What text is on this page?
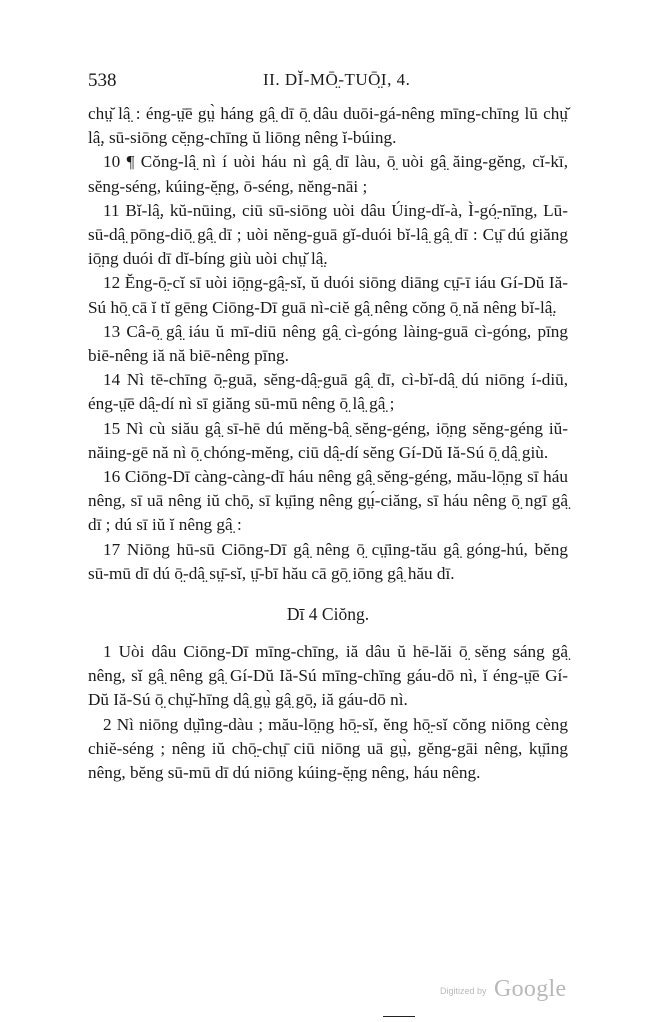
538	II. DĬ-MŌ̤-TUŌ̤I, 4.

chṳ̆ lâ̤ : éng-ṳ̄ē gṳ̀ háng gâ̤ dī ō̤ dâu duōi-gá-nêng mīng-chīng lū chṳ̆ lâ̤, sū-siōng cĕ̤ng-chīng ŭ liōng nêng ĭ-búing.

10 ¶ Cŏng-lâ̤ nì í uòi háu nì gâ̤ dī làu, ō̤ uòi gâ̤ ăing-gĕng, cĭ-kī, sĕng-séng, kúing-ĕ̤ng, ō-séng, nĕng-nāi ;

11 Bĭ-lâ̤, kŭ-nūing, ciū sū-siōng uòi dâu Úing-dĭ-à, Ì-gó̤-nīng, Lū-sū-dâ̤ pōng-diō̤ gâ̤ dī ; uòi nĕng-guā gĭ-duói bĭ-lâ̤ gâ̤ dī : Cṳ̄ dú giăng iō̤ng duói dī dĭ-bíng giù uòi chṳ̆ lâ̤.

12 Ĕng-ō̤-cĭ sī uòi iō̤ng-gâ̤-sĭ, ŭ duói siōng diāng cṳ̄-ī iáu Gí-Dŭ Iă-Sú hō̤ cā ĭ tĭ gēng Ciōng-Dī guā nì-ciĕ gâ̤ nêng cŏng ō̤ nă nêng bĭ-lâ̤.

13 Câ-ō̤ gâ̤ iáu ŭ mī-diū nêng gâ̤ cì-góng làing-guā cì-góng, pīng biē-nêng iă nă biē-nêng pīng.

14 Nì tē-chīng ō̤-guā, sĕng-dâ̤-guā gâ̤ dī, cì-bĭ-dâ̤ dú niōng í-diū, éng-ṳ̄ē dâ̤-dí nì sī giăng sū-mū nêng ō̤ lâ̤ gâ̤ ;

15 Nì cù siău gâ̤ sī-hē dú mĕng-bâ̤ sĕng-géng, iō̤ng sĕng-géng iŭ-năing-gē nă nì ō̤ chóng-mĕng, ciū dâ̤-dí sĕng Gí-Dŭ Iă-Sú ō̤ dâ̤ giù.

16 Ciōng-Dī càng-càng-dī háu nêng gâ̤ sĕng-géng, mău-lō̤ng sī háu nêng, sī uā nêng iŭ chō̤, sī kṳ̄ing nêng gṳ́-ciăng, sī háu nêng ō̤ ngī gâ̤ dī ; dú sī iŭ ĭ nêng gâ̤ :

17 Niōng hū-sū Ciōng-Dī gâ̤ nêng ō̤ cṳ̄ing-tău gâ̤ góng-hú, bĕng sū-mū dī dú ō̤-dâ̤ sṳ̄-sĭ, ṳ̄-bī hău cā gō̤ iōng gâ̤ hău dī.

Dī 4 Ciŏng.

1 Uòi dâu Ciōng-Dī mīng-chīng, iă dâu ŭ hē-lăi ō̤ sĕng sáng gâ̤ nêng, sĭ gâ̤ nêng gâ̤ Gí-Dŭ Iă-Sú mīng-chīng gáu-dō nì, ĭ éng-ṳ̄ē Gí-Dŭ Iă-Sú ō̤ chṳ̆-hīng dâ̤ gṳ̀ gâ̤ gō̤, iă gáu-dō nì.

2 Nì niōng dṳ̆ing-dàu ; mău-lō̤ng hō̤-sĭ, ĕng hō̤-sĭ cŏng niōng cèng chiĕ-séng ; nêng iŭ chō̤-chṳ̄ ciū niōng uā gṳ̀, gĕng-gāi nêng, kṳ̄ing nêng, bĕng sū-mū dī dú niōng kúing-ĕ̤ng nêng, háu nêng.

Digitized by Google
